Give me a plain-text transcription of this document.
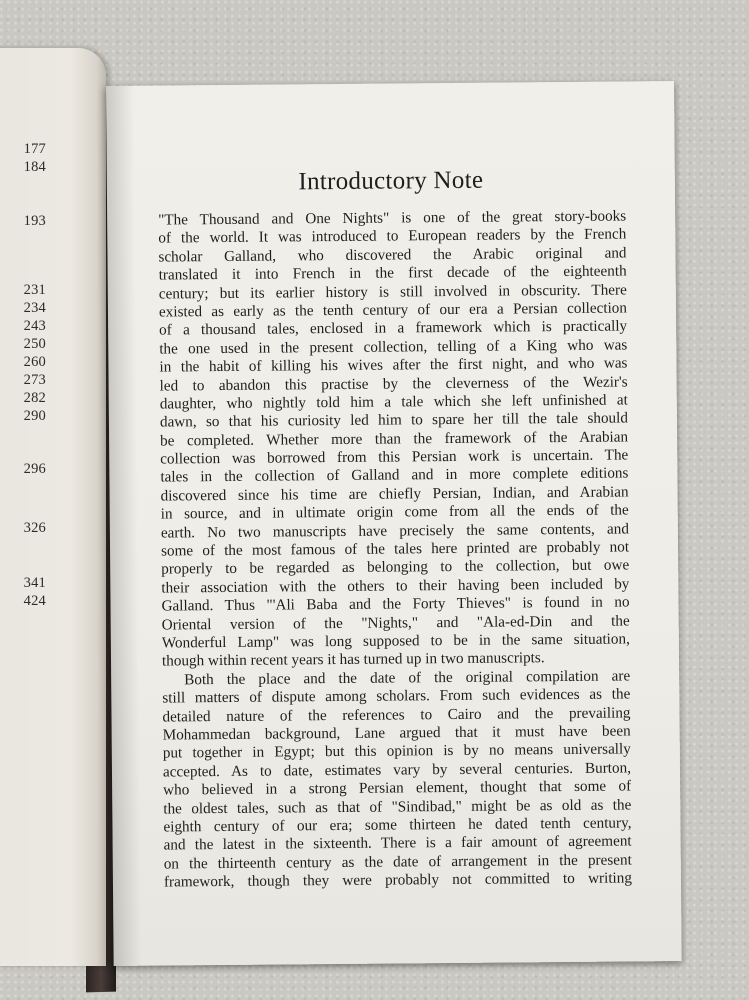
177
184
193
231
234
243
250
260
273
282
290
296
326
341
424
Introductory Note
"The Thousand and One Nights" is one of the great story-books
of the world. It was introduced to European readers by the French
scholar Galland, who discovered the Arabic original and
translated it into French in the first decade of the eighteenth
century; but its earlier history is still involved in obscurity. There
existed as early as the tenth century of our era a Persian collection
of a thousand tales, enclosed in a framework which is practically
the one used in the present collection, telling of a King who was
in the habit of killing his wives after the first night, and who was
led to abandon this practise by the cleverness of the Wezir's
daughter, who nightly told him a tale which she left unfinished at
dawn, so that his curiosity led him to spare her till the tale should
be completed. Whether more than the framework of the Arabian
collection was borrowed from this Persian work is uncertain. The
tales in the collection of Galland and in more complete editions
discovered since his time are chiefly Persian, Indian, and Arabian
in source, and in ultimate origin come from all the ends of the
earth. No two manuscripts have precisely the same contents, and
some of the most famous of the tales here printed are probably not
properly to be regarded as belonging to the collection, but owe
their association with the others to their having been included by
Galland. Thus "'Ali Baba and the Forty Thieves" is found in no
Oriental version of the "Nights," and "Ala-ed-Din and the
Wonderful Lamp" was long supposed to be in the same situation,
though within recent years it has turned up in two manuscripts.
Both the place and the date of the original compilation are
still matters of dispute among scholars. From such evidences as the
detailed nature of the references to Cairo and the prevailing
Mohammedan background, Lane argued that it must have been
put together in Egypt; but this opinion is by no means universally
accepted. As to date, estimates vary by several centuries. Burton,
who believed in a strong Persian element, thought that some of
the oldest tales, such as that of "Sindibad," might be as old as the
eighth century of our era; some thirteen he dated tenth century,
and the latest in the sixteenth. There is a fair amount of agreement
on the thirteenth century as the date of arrangement in the present
framework, though they were probably not committed to writing
